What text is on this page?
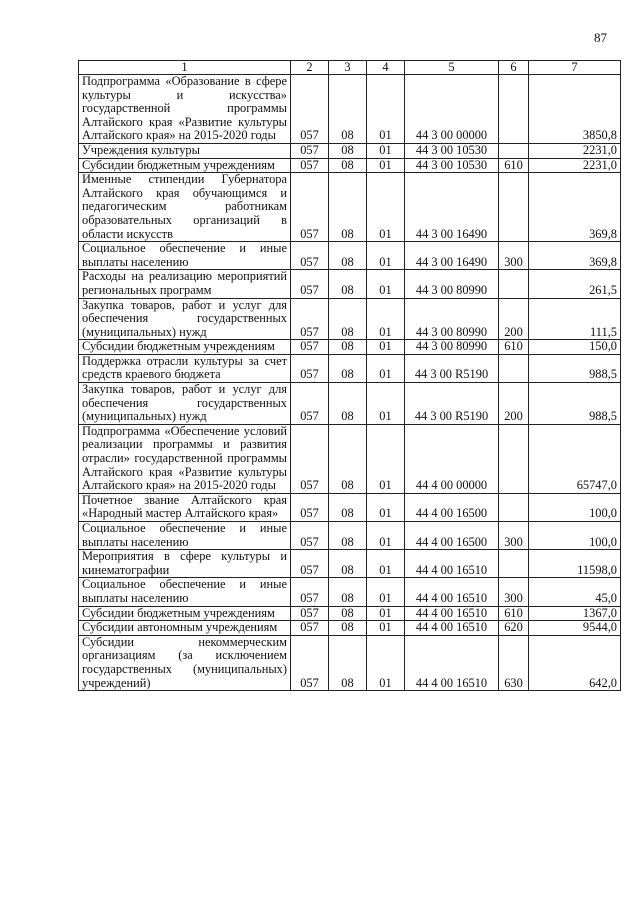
87
1	2	3	4	5	6	7
Подпрограмма «Образование в сфере культуры и искусства» государственной программы Алтайского края «Развитие культуры Алтайского края» на 2015-2020 годы	057	08	01	44 3 00 00000		3850,8
Учреждения культуры	057	08	01	44 3 00 10530		2231,0
Субсидии бюджетным учреждениям	057	08	01	44 3 00 10530	610	2231,0
Именные стипендии Губернатора Алтайского края обучающимся и педагогическим работникам образовательных организаций в области искусств	057	08	01	44 3 00 16490		369,8
Социальное обеспечение и иные выплаты населению	057	08	01	44 3 00 16490	300	369,8
Расходы на реализацию мероприятий региональных программ	057	08	01	44 3 00 80990		261,5
Закупка товаров, работ и услуг для обеспечения государственных (муниципальных) нужд	057	08	01	44 3 00 80990	200	111,5
Субсидии бюджетным учреждениям	057	08	01	44 3 00 80990	610	150,0
Поддержка отрасли культуры за счет средств краевого бюджета	057	08	01	44 3 00 R5190		988,5
Закупка товаров, работ и услуг для обеспечения государственных (муниципальных) нужд	057	08	01	44 3 00 R5190	200	988,5
Подпрограмма «Обеспечение условий реализации программы и развития отрасли» государственной программы Алтайского края «Развитие культуры Алтайского края» на 2015-2020 годы	057	08	01	44 4 00 00000		65747,0
Почетное звание Алтайского края «Народный мастер Алтайского края»	057	08	01	44 4 00 16500		100,0
Социальное обеспечение и иные выплаты населению	057	08	01	44 4 00 16500	300	100,0
Мероприятия в сфере культуры и кинематографии	057	08	01	44 4 00 16510		11598,0
Социальное обеспечение и иные выплаты населению	057	08	01	44 4 00 16510	300	45,0
Субсидии бюджетным учреждениям	057	08	01	44 4 00 16510	610	1367,0
Субсидии автономным учреждениям	057	08	01	44 4 00 16510	620	9544,0
Субсидии некоммерческим организациям (за исключением государственных (муниципальных) учреждений)	057	08	01	44 4 00 16510	630	642,0
